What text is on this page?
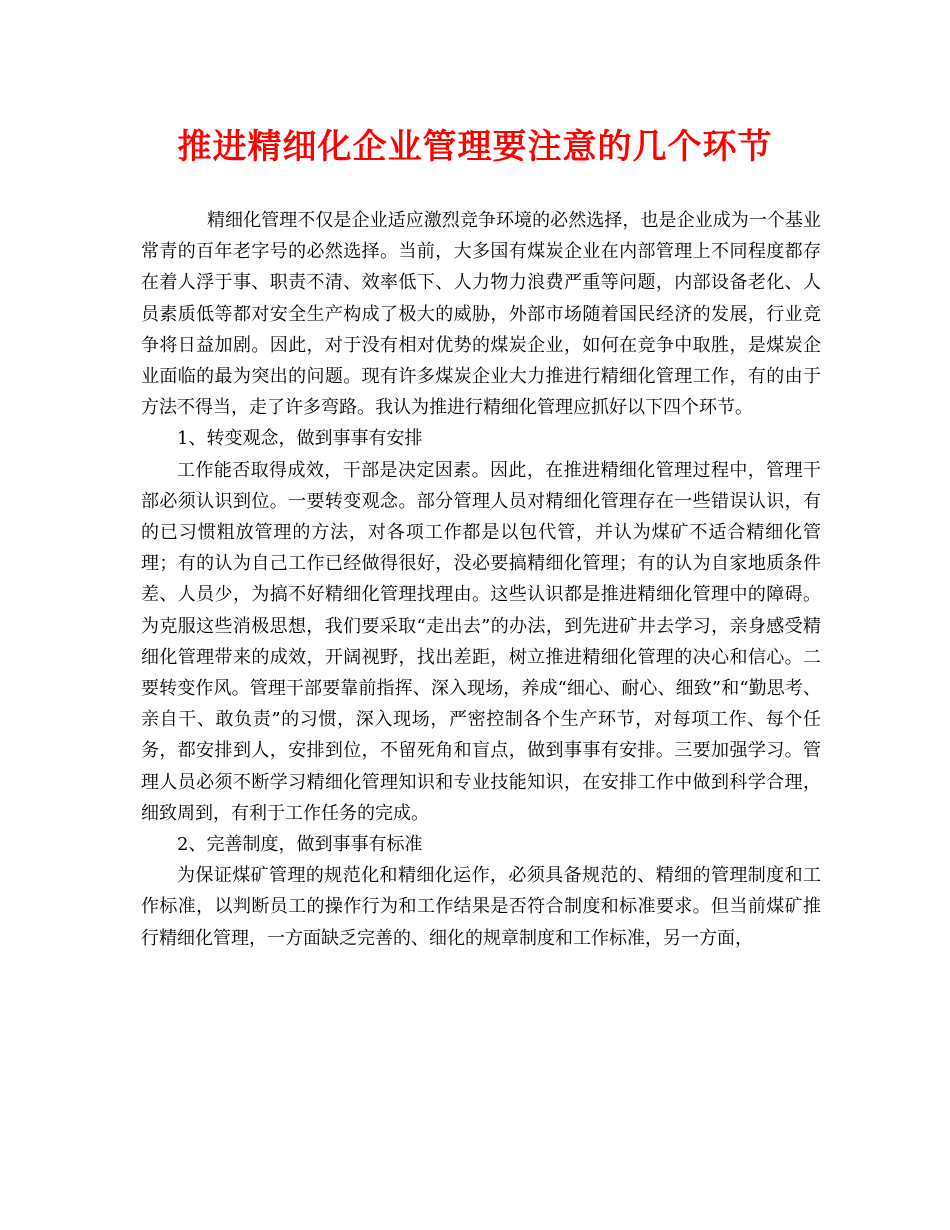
推进精细化企业管理要注意的几个环节

精细化管理不仅是企业适应激烈竞争环境的必然选择，也是企业成为一个基业常青的百年老字号的必然选择。当前，大多国有煤炭企业在内部管理上不同程度都存在着人浮于事、职责不清、效率低下、人力物力浪费严重等问题，内部设备老化、人员素质低等都对安全生产构成了极大的威胁，外部市场随着国民经济的发展，行业竞争将日益加剧。因此，对于没有相对优势的煤炭企业，如何在竞争中取胜，是煤炭企业面临的最为突出的问题。现有许多煤炭企业大力推进行精细化管理工作，有的由于方法不得当，走了许多弯路。我认为推进行精细化管理应抓好以下四个环节。

1、转变观念，做到事事有安排

工作能否取得成效，干部是决定因素。因此，在推进精细化管理过程中，管理干部必须认识到位。一要转变观念。部分管理人员对精细化管理存在一些错误认识，有的已习惯粗放管理的方法，对各项工作都是以包代管，并认为煤矿不适合精细化管理；有的认为自己工作已经做得很好，没必要搞精细化管理；有的认为自家地质条件差、人员少，为搞不好精细化管理找理由。这些认识都是推进精细化管理中的障碍。为克服这些消极思想，我们要采取“走出去”的办法，到先进矿井去学习，亲身感受精细化管理带来的成效，开阔视野，找出差距，树立推进精细化管理的决心和信心。二要转变作风。管理干部要靠前指挥、深入现场，养成“细心、耐心、细致”和“勤思考、亲自干、敢负责”的习惯，深入现场，严密控制各个生产环节，对每项工作、每个任务，都安排到人，安排到位，不留死角和盲点，做到事事有安排。三要加强学习。管理人员必须不断学习精细化管理知识和专业技能知识，在安排工作中做到科学合理，细致周到，有利于工作任务的完成。

2、完善制度，做到事事有标准

为保证煤矿管理的规范化和精细化运作，必须具备规范的、精细的管理制度和工作标准，以判断员工的操作行为和工作结果是否符合制度和标准要求。但当前煤矿推行精细化管理，一方面缺乏完善的、细化的规章制度和工作标准，另一方面，
